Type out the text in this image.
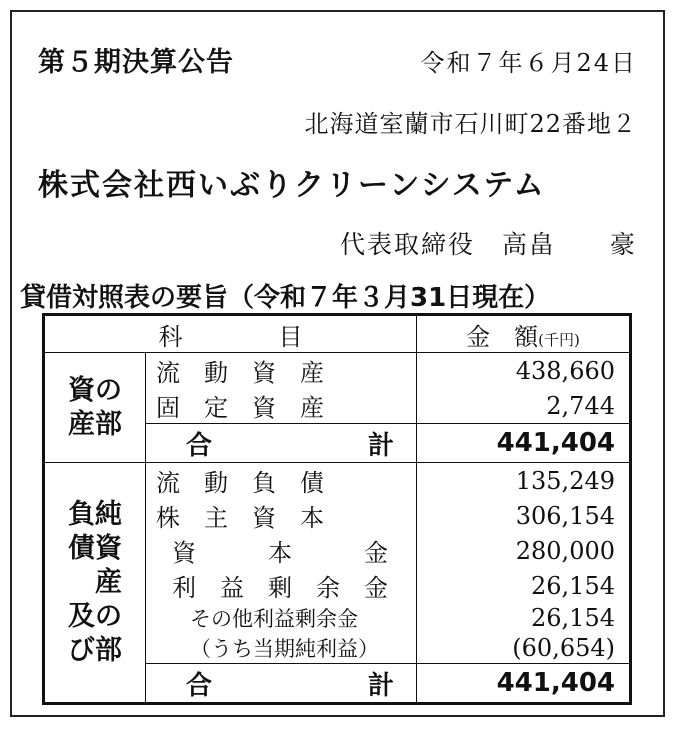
第５期決算公告	令和７年６月24日
北海道室蘭市石川町22番地２
株式会社西いぶりクリーンシステム
代表取締役　高畠　　豪
貸借対照表の要旨（令和７年３月31日現在）
科　　　　目		金　額(千円)

資の
産部	流　動　資　産	438,660
	固　定　資　産	2,744
	合　　　　　　計	441,404

負純
債資
　産
及の
び部	流　動　負　債	135,249
	株　主　資　本	306,154
	資　　　本　　　金	280,000
	利　益　剰　余　金	26,154
	その他利益剰余金	26,154
	（うち当期純利益）	(60,654)
	合　　　　　　計	441,404
